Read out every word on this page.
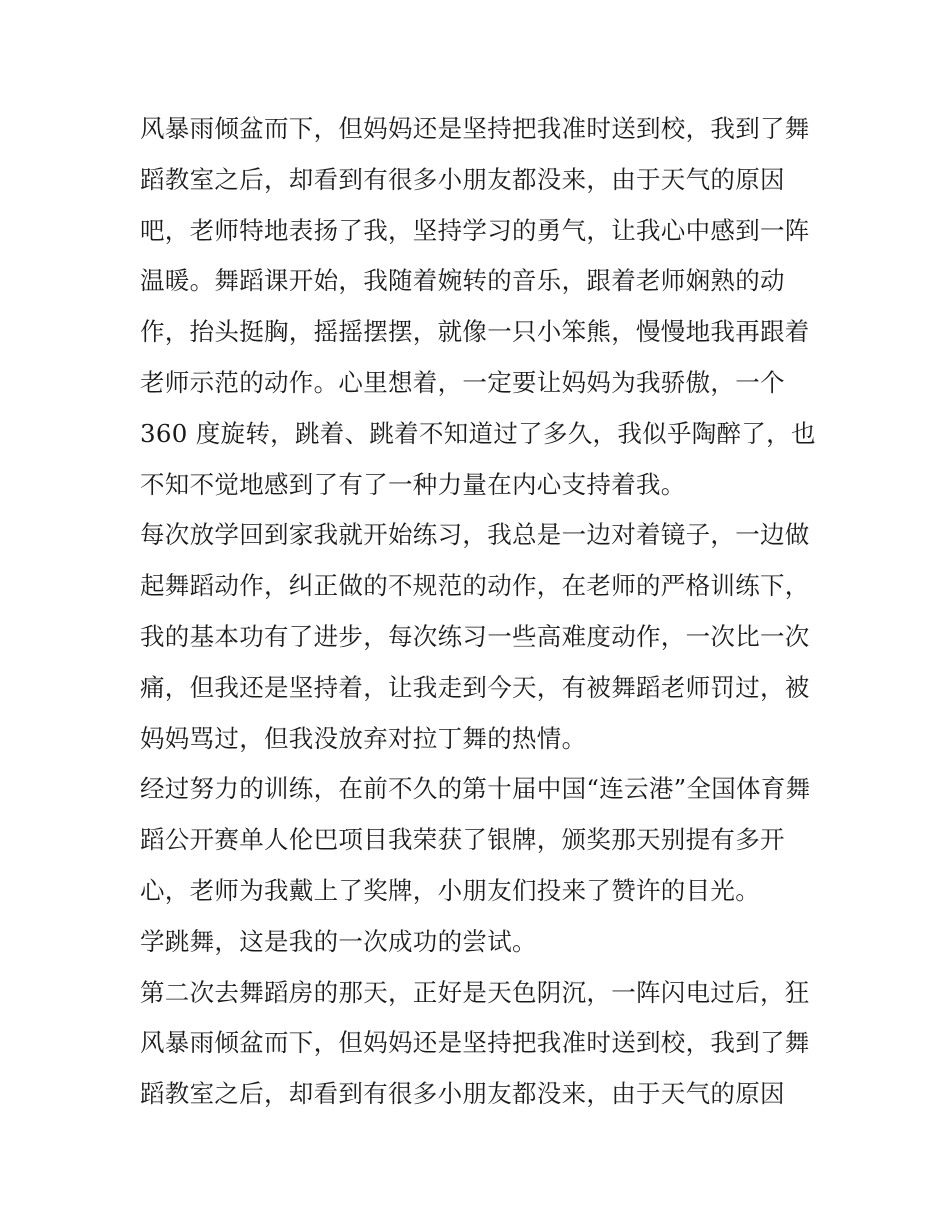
风暴雨倾盆而下，但妈妈还是坚持把我准时送到校，我到了舞
蹈教室之后，却看到有很多小朋友都没来，由于天气的原因
吧，老师特地表扬了我，坚持学习的勇气，让我心中感到一阵
温暖。舞蹈课开始，我随着婉转的音乐，跟着老师娴熟的动
作，抬头挺胸，摇摇摆摆，就像一只小笨熊，慢慢地我再跟着
老师示范的动作。心里想着，一定要让妈妈为我骄傲，一个
360 度旋转，跳着、跳着不知道过了多久，我似乎陶醉了，也
不知不觉地感到了有了一种力量在内心支持着我。
每次放学回到家我就开始练习，我总是一边对着镜子，一边做
起舞蹈动作，纠正做的不规范的动作，在老师的严格训练下，
我的基本功有了进步，每次练习一些高难度动作，一次比一次
痛，但我还是坚持着，让我走到今天，有被舞蹈老师罚过，被
妈妈骂过，但我没放弃对拉丁舞的热情。
经过努力的训练，在前不久的第十届中国“连云港”全国体育舞
蹈公开赛单人伦巴项目我荣获了银牌，颁奖那天别提有多开
心，老师为我戴上了奖牌，小朋友们投来了赞许的目光。
学跳舞，这是我的一次成功的尝试。
第二次去舞蹈房的那天，正好是天色阴沉，一阵闪电过后，狂
风暴雨倾盆而下，但妈妈还是坚持把我准时送到校，我到了舞
蹈教室之后，却看到有很多小朋友都没来，由于天气的原因
